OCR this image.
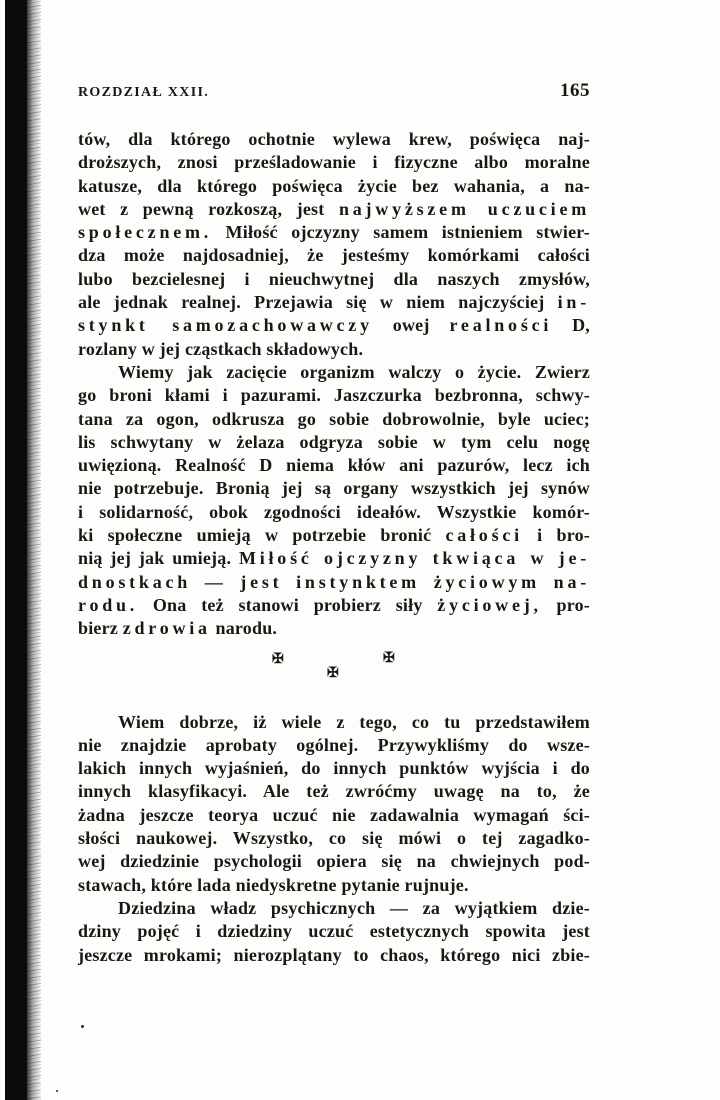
ROZDZIAŁ XXII.	165
tów, dla którego ochotnie wylewa krew, poświęca naj-
droższych, znosi prześladowanie i fizyczne albo moralne
katusze, dla którego poświęca życie bez wahania, a na-
wet z pewną rozkoszą, jest najwyższem uczuciem
społecznem. Miłość ojczyzny samem istnieniem stwier-
dza może najdosadniej, że jesteśmy komórkami całości
lubo bezcielesnej i nieuchwytnej dla naszych zmysłów,
ale jednak realnej. Przejawia się w niem najczyściej in-
stynkt samozachowawczy owej realności D,
rozlany w jej cząstkach składowych.
Wiemy jak zacięcie organizm walczy o życie. Zwierz
go broni kłami i pazurami. Jaszczurka bezbronna, schwy-
tana za ogon, odkrusza go sobie dobrowolnie, byle uciec;
lis schwytany w żelaza odgryza sobie w tym celu nogę
uwięzioną. Realność D niema kłów ani pazurów, lecz ich
nie potrzebuje. Bronią jej są organy wszystkich jej synów
i solidarność, obok zgodności ideałów. Wszystkie komór-
ki społeczne umieją w potrzebie bronić całości i bro-
nią jej jak umieją. Miłość ojczyzny tkwiąca w je-
dnostkach — jest instynktem życiowym na-
rodu. Ona też stanowi probierz siły życiowej, pro-
bierz zdrowia narodu.
✠	✠
✠
Wiem dobrze, iż wiele z tego, co tu przedstawiłem
nie znajdzie aprobaty ogólnej. Przywykliśmy do wsze-
lakich innych wyjaśnień, do innych punktów wyjścia i do
innych klasyfikacyi. Ale też zwróćmy uwagę na to, że
żadna jeszcze teorya uczuć nie zadawalnia wymagań ści-
słości naukowej. Wszystko, co się mówi o tej zagadko-
wej dziedzinie psychologii opiera się na chwiejnych pod-
stawach, które lada niedyskretne pytanie rujnuje.
Dziedzina władz psychicznych — za wyjątkiem dzie-
dziny pojęć i dziedziny uczuć estetycznych spowita jest
jeszcze mrokami; nierozplątany to chaos, którego nici zbie-
